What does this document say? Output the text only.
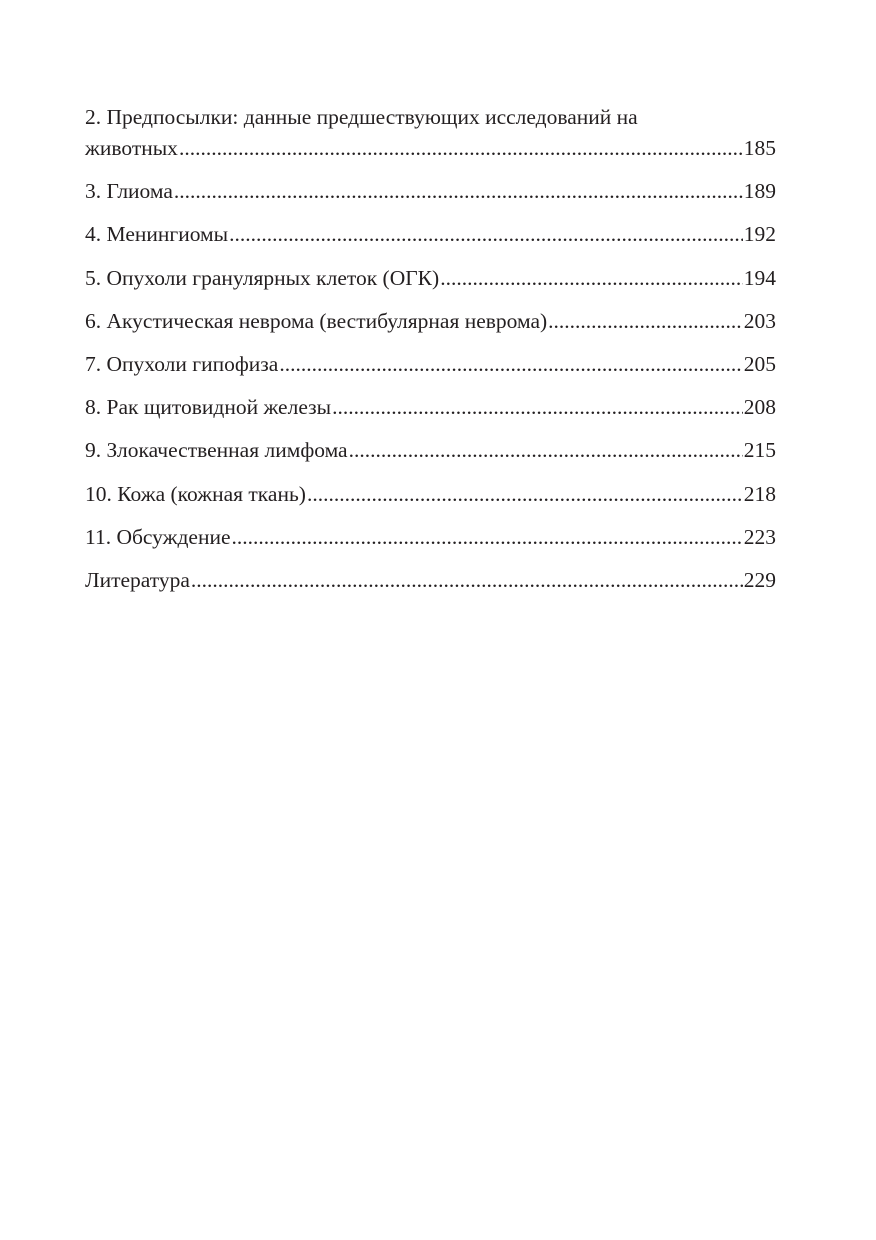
2. Предпосылки: данные предшествующих исследований на
животных .....	185
3. Глиома .....	189
4. Менингиомы .....	192
5. Опухоли гранулярных клеток (ОГК) .....	194
6. Акустическая неврома (вестибулярная неврома) .....	203
7. Опухоли гипофиза .....	205
8. Рак щитовидной железы .....	208
9. Злокачественная лимфома .....	215
10. Кожа (кожная ткань) .....	218
11. Обсуждение .....	223
Литература .....	229
